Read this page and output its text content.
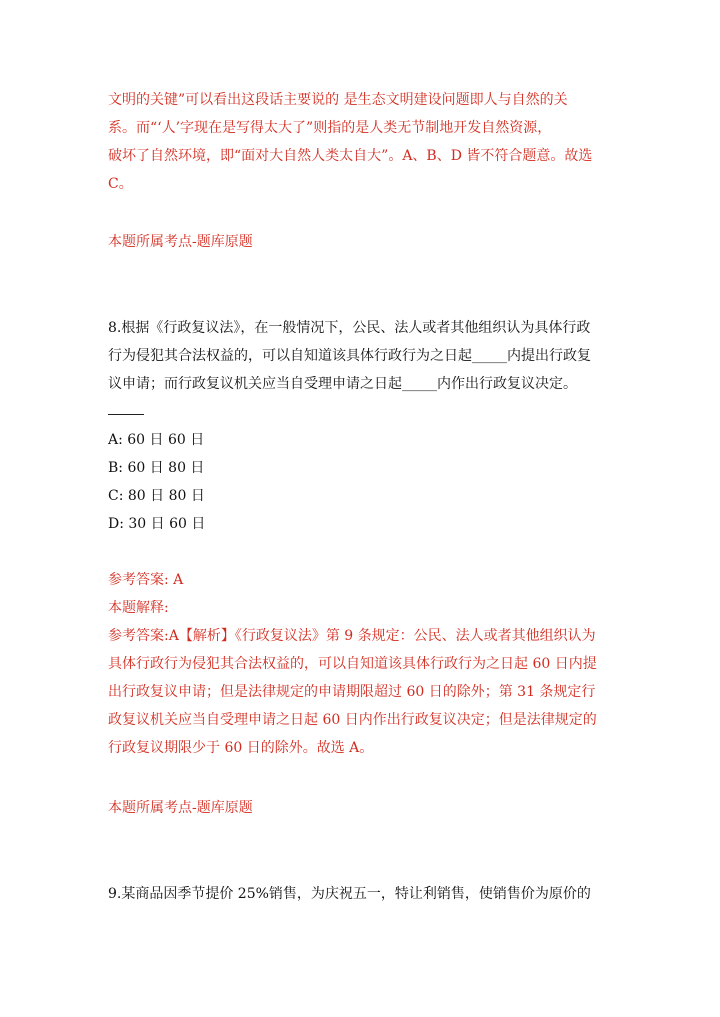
文明的关键”可以看出这段话主要说的 是生态文明建设问题即人与自然的关
系。而“‘人’字现在是写得太大了”则指的是人类无节制地开发自然资源，
破坏了自然环境，即“面对大自然人类太自大”。A、B、D 皆不符合题意。故选
C。
本题所属考点-题库原题
8.根据《行政复议法》，在一般情况下，公民、法人或者其他组织认为具体行政
行为侵犯其合法权益的，可以自知道该具体行政行为之日起_____内提出行政复
议申请；而行政复议机关应当自受理申请之日起_____内作出行政复议决定。
A: 60 日 60 日
B: 60 日 80 日
C: 80 日 80 日
D: 30 日 60 日
参考答案: A
本题解释:
参考答案:A【解析】《行政复议法》第 9 条规定：公民、法人或者其他组织认为
具体行政行为侵犯其合法权益的，可以自知道该具体行政行为之日起 60 日内提
出行政复议申请；但是法律规定的申请期限超过 60 日的除外；第 31 条规定行
政复议机关应当自受理申请之日起 60 日内作出行政复议决定；但是法律规定的
行政复议期限少于 60 日的除外。故选 A。
本题所属考点-题库原题
9.某商品因季节提价 25%销售，为庆祝五一，特让利销售，使销售价为原价的
